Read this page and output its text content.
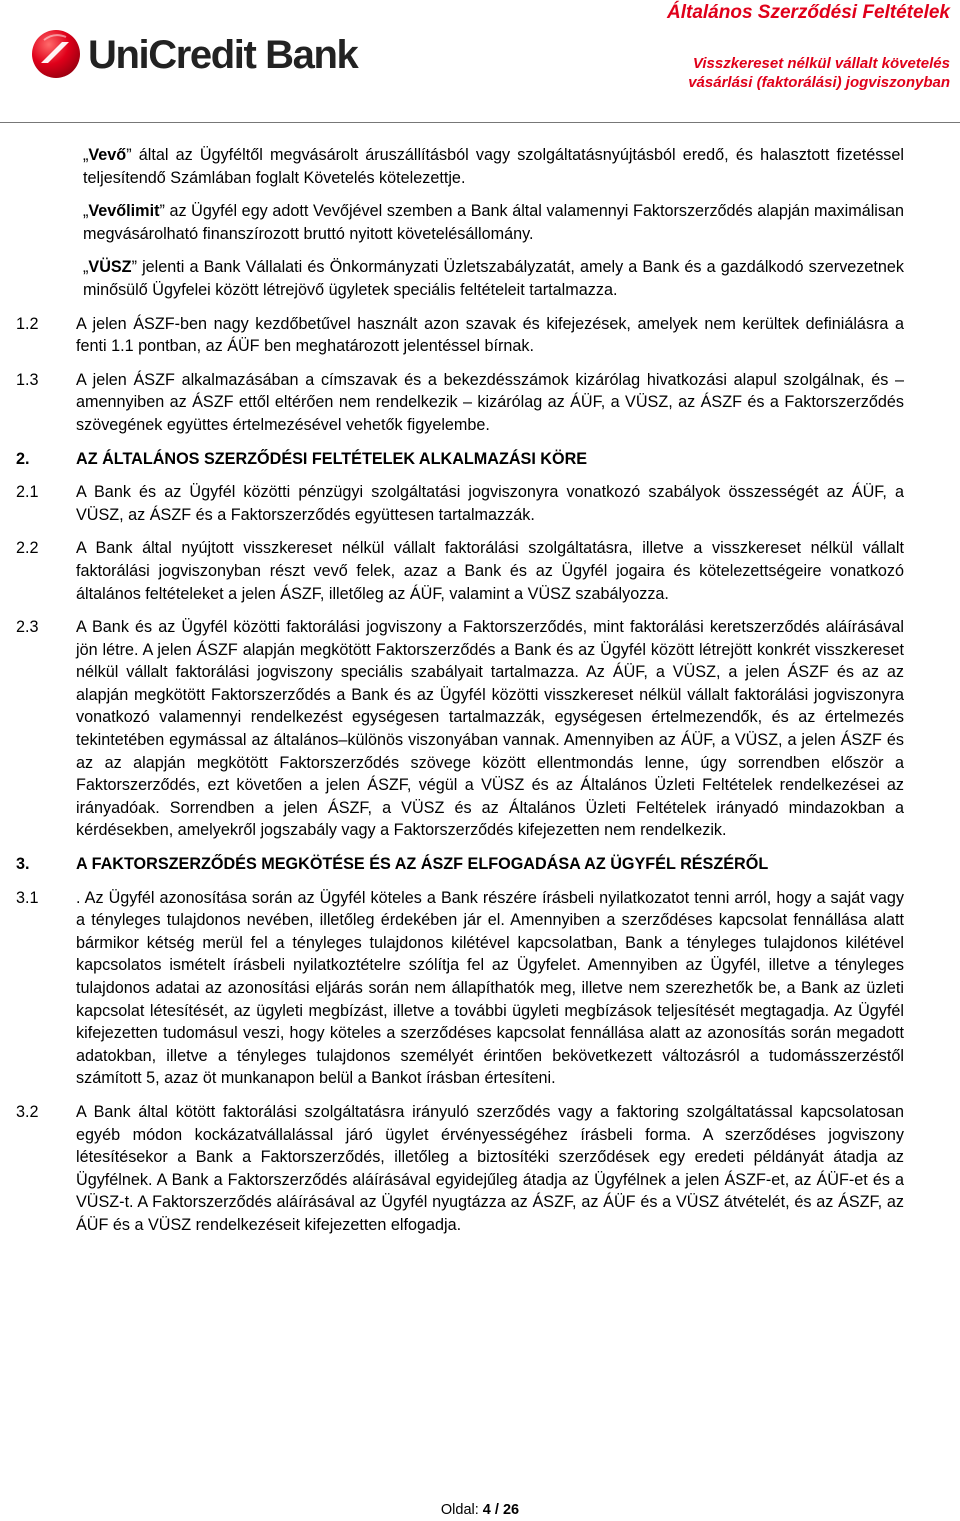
UniCredit Bank
Általános Szerződési Feltételek
Visszkereset nélkül vállalt követelés vásárlási (faktorálási) jogviszonyban
„Vevő” által az Ügyféltől megvásárolt áruszállításból vagy szolgáltatásnyújtásból eredő, és halasztott fizetéssel teljesítendő Számlában foglalt Követelés kötelezettje.
„Vevőlimit” az Ügyfél egy adott Vevőjével szemben a Bank által valamennyi Faktorszerződés alapján maximálisan megvásárolható finanszírozott bruttó nyitott követelésállomány.
„VÜSZ” jelenti a Bank Vállalati és Önkormányzati Üzletszabályzatát, amely a Bank és a gazdálkodó szervezetnek minősülő Ügyfelei között létrejövő ügyletek speciális feltételeit tartalmazza.
1.2	A jelen ÁSZF-ben nagy kezdőbetűvel használt azon szavak és kifejezések, amelyek nem kerültek definiálásra a fenti 1.1 pontban, az ÁÜF ben meghatározott jelentéssel bírnak.
1.3	A jelen ÁSZF alkalmazásában a címszavak és a bekezdésszámok kizárólag hivatkozási alapul szolgálnak, és – amennyiben az ÁSZF ettől eltérően nem rendelkezik – kizárólag az ÁÜF, a VÜSZ, az ÁSZF és a Faktorszerződés szövegének együttes értelmezésével vehetők figyelembe.
2.	AZ ÁLTALÁNOS SZERZŐDÉSI FELTÉTELEK ALKALMAZÁSI KÖRE
2.1	A Bank és az Ügyfél közötti pénzügyi szolgáltatási jogviszonyra vonatkozó szabályok összességét az ÁÜF, a VÜSZ, az ÁSZF és a Faktorszerződés együttesen tartalmazzák.
2.2	A Bank által nyújtott visszkereset nélkül vállalt faktorálási szolgáltatásra, illetve a visszkereset nélkül vállalt faktorálási jogviszonyban részt vevő felek, azaz a Bank és az Ügyfél jogaira és kötelezettségeire vonatkozó általános feltételeket a jelen ÁSZF, illetőleg az ÁÜF, valamint a VÜSZ szabályozza.
2.3	A Bank és az Ügyfél közötti faktorálási jogviszony a Faktorszerződés, mint faktorálási keretszerződés aláírásával jön létre. A jelen ÁSZF alapján megkötött Faktorszerződés a Bank és az Ügyfél között létrejött konkrét visszkereset nélkül vállalt faktorálási jogviszony speciális szabályait tartalmazza. Az ÁÜF, a VÜSZ, a jelen ÁSZF és az az alapján megkötött Faktorszerződés a Bank és az Ügyfél közötti visszkereset nélkül vállalt faktorálási jogviszonyra vonatkozó valamennyi rendelkezést egységesen tartalmazzák, egységesen értelmezendők, és az értelmezés tekintetében egymással az általános–különös viszonyában vannak. Amennyiben az ÁÜF, a VÜSZ, a jelen ÁSZF és az az alapján megkötött Faktorszerződés szövege között ellentmondás lenne, úgy sorrendben először a Faktorszerződés, ezt követően a jelen ÁSZF, végül a VÜSZ és az Általános Üzleti Feltételek rendelkezései az irányadóak. Sorrendben a jelen ÁSZF, a VÜSZ és az Általános Üzleti Feltételek irányadó mindazokban a kérdésekben, amelyekről jogszabály vagy a Faktorszerződés kifejezetten nem rendelkezik.
3.	A FAKTORSZERZŐDÉS MEGKÖTÉSE ÉS AZ ÁSZF ELFOGADÁSA AZ ÜGYFÉL RÉSZÉRŐL
3.1	. Az Ügyfél azonosítása során az Ügyfél köteles a Bank részére írásbeli nyilatkozatot tenni arról, hogy a saját vagy a tényleges tulajdonos nevében, illetőleg érdekében jár el. Amennyiben a szerződéses kapcsolat fennállása alatt bármikor kétség merül fel a tényleges tulajdonos kilétével kapcsolatban, Bank a tényleges tulajdonos kilétével kapcsolatos ismételt írásbeli nyilatkoztételre szólítja fel az Ügyfelet. Amennyiben az Ügyfél, illetve a tényleges tulajdonos adatai az azonosítási eljárás során nem állapíthatók meg, illetve nem szerezhetők be, a Bank az üzleti kapcsolat létesítését, az ügyleti megbízást, illetve a további ügyleti megbízások teljesítését megtagadja. Az Ügyfél kifejezetten tudomásul veszi, hogy köteles a szerződéses kapcsolat fennállása alatt az azonosítás során megadott adatokban, illetve a tényleges tulajdonos személyét érintően bekövetkezett változásról a tudomásszerzéstől számított 5, azaz öt munkanapon belül a Bankot írásban értesíteni.
3.2	A Bank által kötött faktorálási szolgáltatásra irányuló szerződés vagy a faktoring szolgáltatással kapcsolatosan egyéb módon kockázatvállalással járó ügylet érvényességéhez írásbeli forma. A szerződéses jogviszony létesítésekor a Bank a Faktorszerződés, illetőleg a biztosítéki szerződések egy eredeti példányát átadja az Ügyfélnek. A Bank a Faktorszerződés aláírásával egyidejűleg átadja az Ügyfélnek a jelen ÁSZF-et, az ÁÜF-et és a VÜSZ-t. A Faktorszerződés aláírásával az Ügyfél nyugtázza az ÁSZF, az ÁÜF és a VÜSZ átvételét, és az ÁSZF, az ÁÜF és a VÜSZ rendelkezéseit kifejezetten elfogadja.
Oldal: 4 / 26
